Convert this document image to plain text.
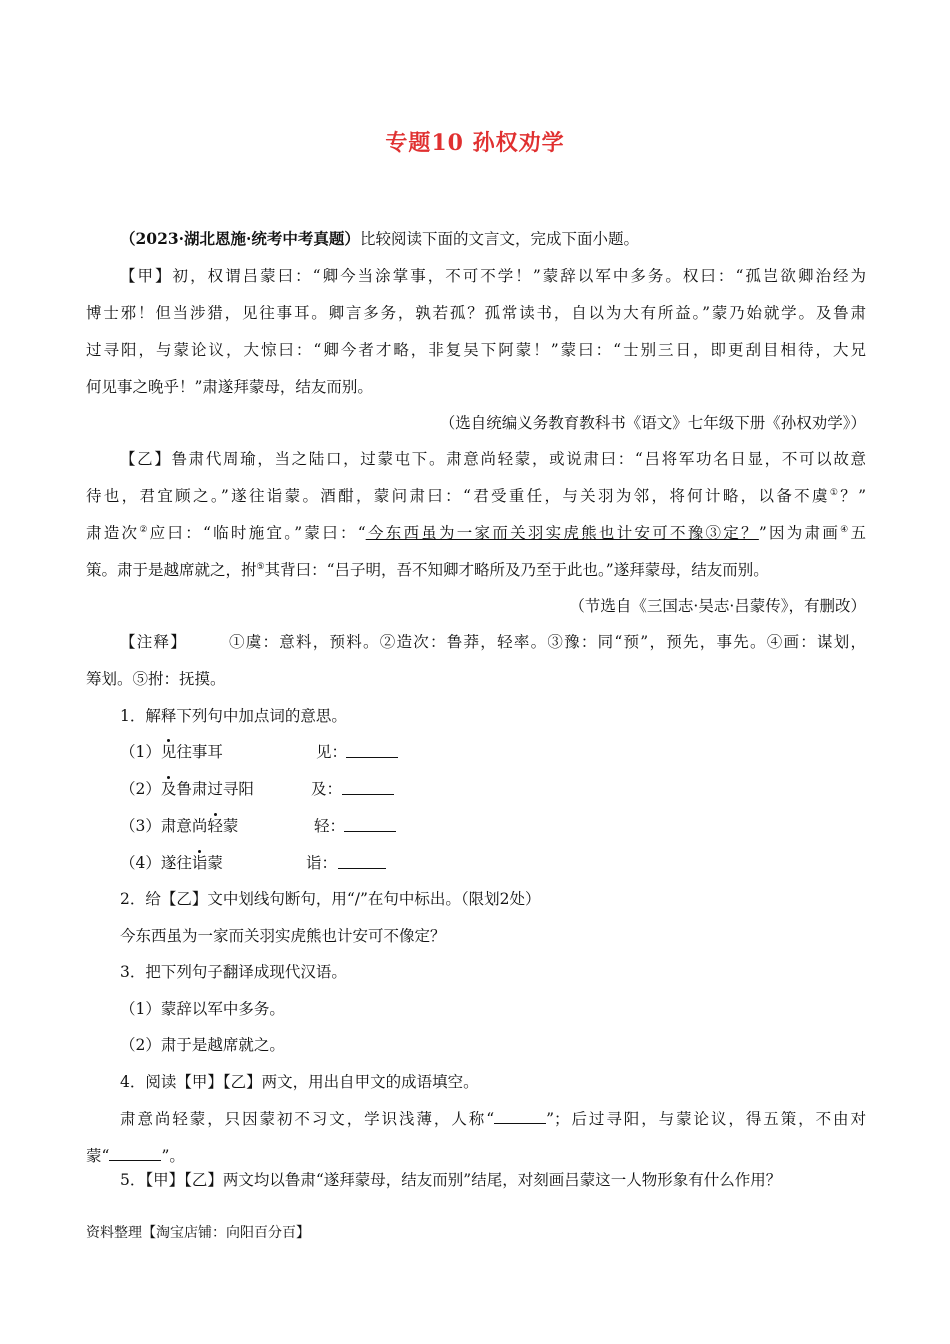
专题10 孙权劝学
（2023·湖北恩施·统考中考真题）比较阅读下面的文言文，完成下面小题。
【甲】初，权谓吕蒙曰：“卿今当涂掌事，不可不学！”蒙辞以军中多务。权曰：“孤岂欲卿治经为
博士邪！但当涉猎，见往事耳。卿言多务，孰若孤？孤常读书，自以为大有所益。”蒙乃始就学。及鲁肃
过寻阳，与蒙论议，大惊曰：“卿今者才略，非复吴下阿蒙！”蒙曰：“士别三日，即更刮目相待，大兄
何见事之晚乎！”肃遂拜蒙母，结友而别。
（选自统编义务教育教科书《语文》七年级下册《孙权劝学》）
【乙】鲁肃代周瑜，当之陆口，过蒙屯下。肃意尚轻蒙，或说肃曰：“吕将军功名日显，不可以故意
待也，君宜顾之。”遂往诣蒙。酒酣，蒙问肃曰：“君受重任，与关羽为邻，将何计略，以备不虞①？”
肃造次②应曰：“临时施宜。”蒙曰：“今东西虽为一家而关羽实虎熊也计安可不豫③定？”因为肃画④五
策。肃于是越席就之，拊⑤其背曰：“吕子明，吾不知卿才略所及乃至于此也。”遂拜蒙母，结友而别。
（节选自《三国志·吴志·吕蒙传》，有删改）
【注释】	①虞：意料，预料。②造次：鲁莽，轻率。③豫：同“预”，预先，事先。④画：谋划，
筹划。⑤拊：抚摸。
1．解释下列句中加点词的意思。
（1）见往事耳	见：
（2）及鲁肃过寻阳	及：
（3）肃意尚轻蒙	轻：
（4）遂往诣蒙	诣：
2．给【乙】文中划线句断句，用“/”在句中标出。（限划2处）
今东西虽为一家而关羽实虎熊也计安可不像定？
3．把下列句子翻译成现代汉语。
（1）蒙辞以军中多务。
（2）肃于是越席就之。
4．阅读【甲】【乙】两文，用出自甲文的成语填空。
肃意尚轻蒙，只因蒙初不习文，学识浅薄，人称“	”；后过寻阳，与蒙论议，得五策，不由对
蒙“	”。
5．【甲】【乙】两文均以鲁肃“遂拜蒙母，结友而别”结尾，对刻画吕蒙这一人物形象有什么作用？
资料整理【淘宝店铺：向阳百分百】
